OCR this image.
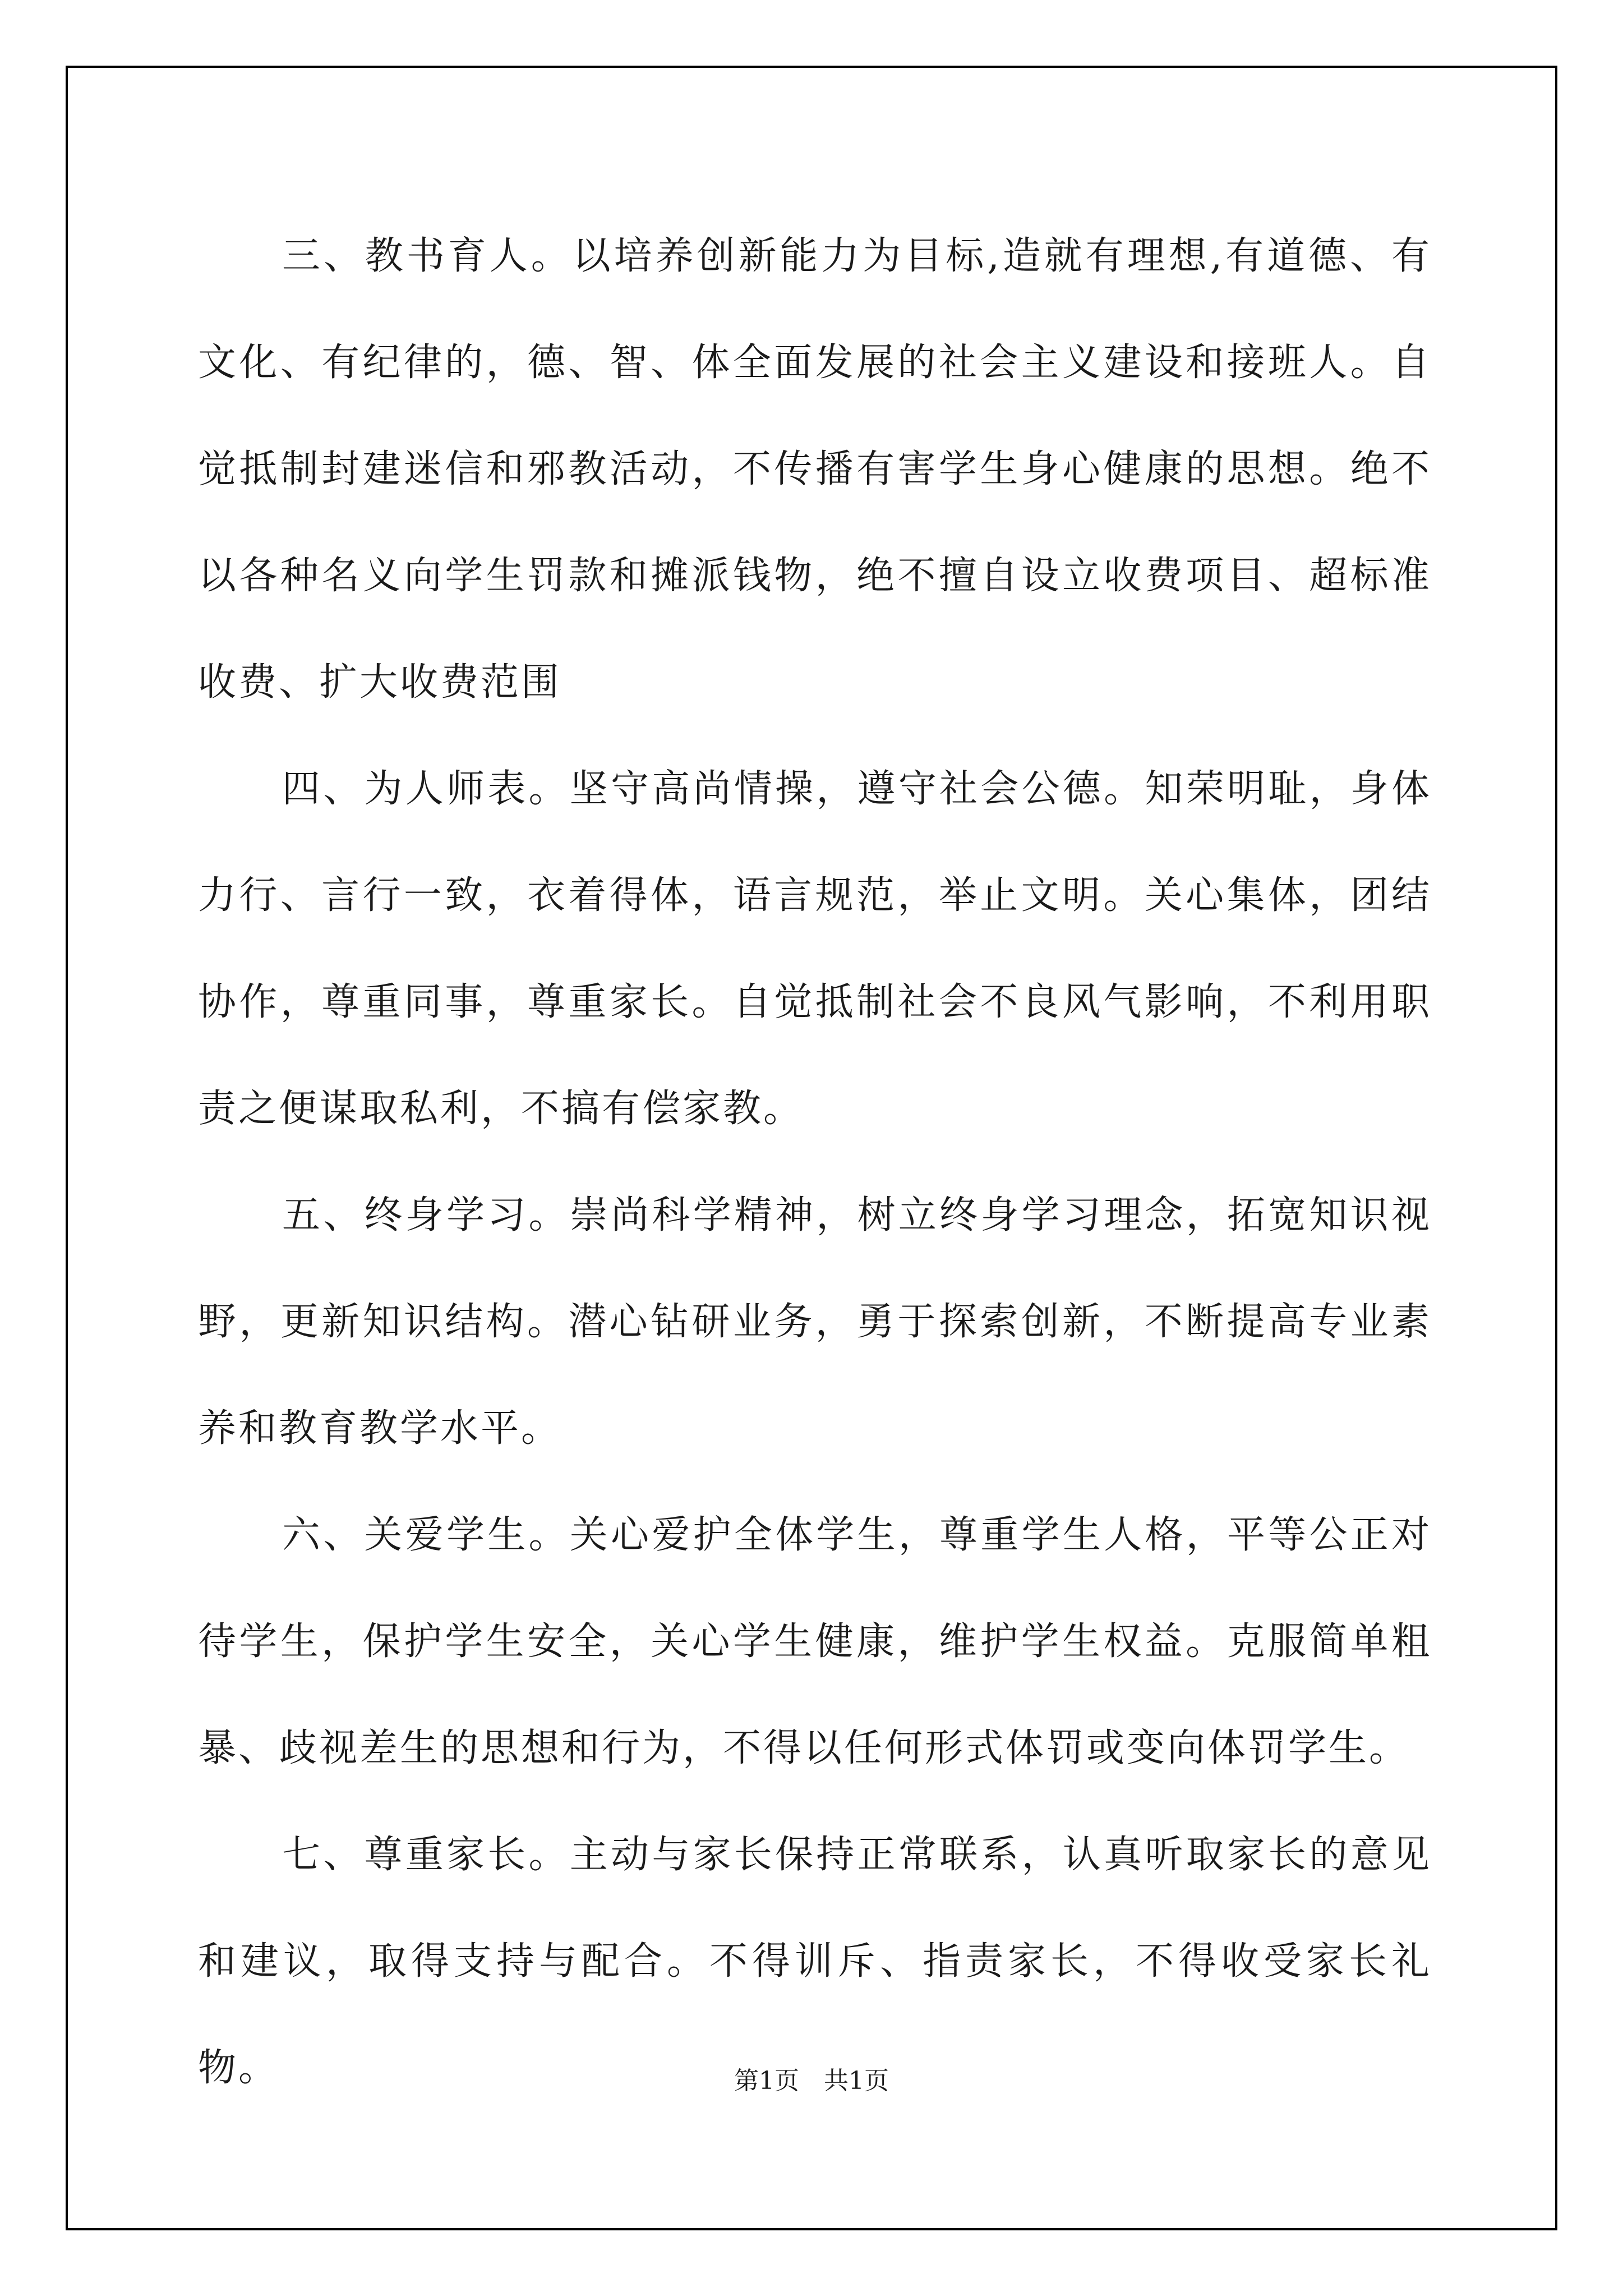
三、教书育人。以培养创新能力为目标,造就有理想,有道德、有文化、有纪律的，德、智、体全面发展的社会主义建设和接班人。自觉抵制封建迷信和邪教活动，不传播有害学生身心健康的思想。绝不以各种名义向学生罚款和摊派钱物，绝不擅自设立收费项目、超标准收费、扩大收费范围

四、为人师表。坚守高尚情操，遵守社会公德。知荣明耻，身体力行、言行一致，衣着得体，语言规范，举止文明。关心集体，团结协作，尊重同事，尊重家长。自觉抵制社会不良风气影响，不利用职责之便谋取私利，不搞有偿家教。

五、终身学习。崇尚科学精神，树立终身学习理念，拓宽知识视野，更新知识结构。潜心钻研业务，勇于探索创新，不断提高专业素养和教育教学水平。

六、关爱学生。关心爱护全体学生，尊重学生人格，平等公正对待学生，保护学生安全，关心学生健康，维护学生权益。克服简单粗暴、歧视差生的思想和行为，不得以任何形式体罚或变向体罚学生。

七、尊重家长。主动与家长保持正常联系，认真听取家长的意见和建议，取得支持与配合。不得训斥、指责家长，不得收受家长礼物。	第1页　共1页
